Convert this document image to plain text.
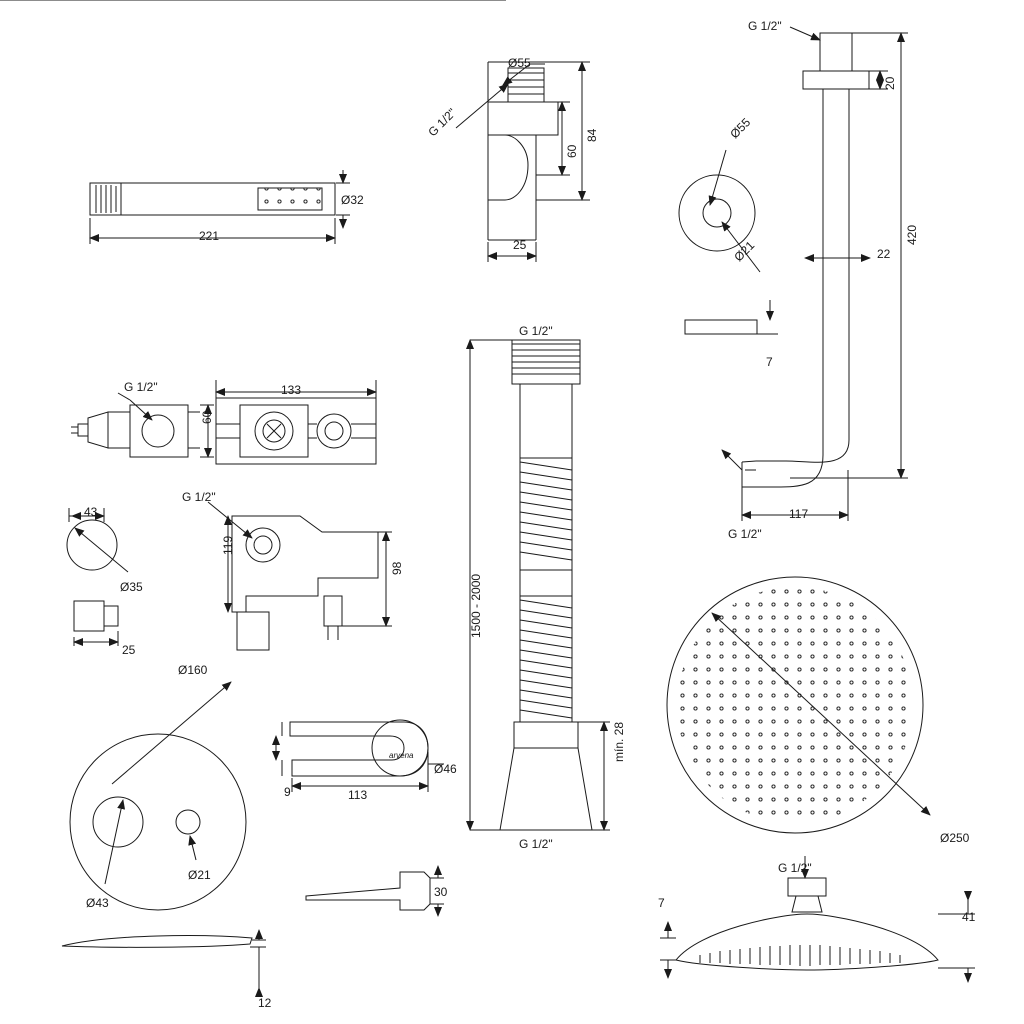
G 1/2"
Ø55
G 1/2"	84
60
25
221
Ø32
G 1/2"
20
Ø55
Ø21	22
420
7
117
G 1/2"
G 1/2"	133
60
43
Ø35
25
G 1/2"
119
98
Ø160
Ø43
Ø21
12
Ø46
113
9
30
arvena
1500 - 2000
mín. 28
G 1/2"	Ø250
G 1/2"
7
41
